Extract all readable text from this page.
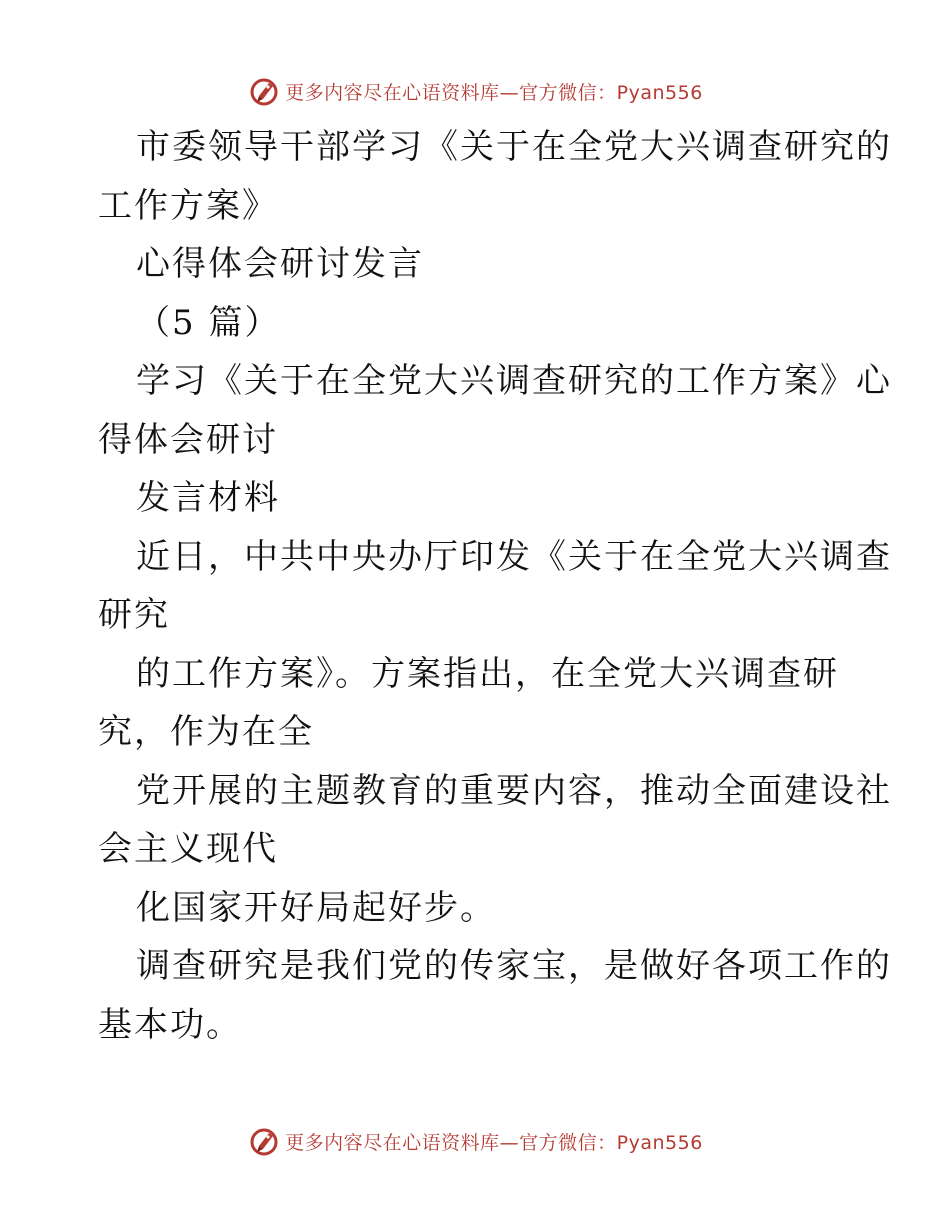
更多内容尽在心语资料库—官方微信：Pyan556

市委领导干部学习《关于在全党大兴调查研究的

工作方案》

心得体会研讨发言

（5 篇）

学习《关于在全党大兴调查研究的工作方案》心

得体会研讨

发言材料

近日，中共中央办厅印发《关于在全党大兴调查

研究

的工作方案》。方案指出，在全党大兴调查研

究，作为在全

党开展的主题教育的重要内容，推动全面建设社

会主义现代

化国家开好局起好步。

调查研究是我们党的传家宝，是做好各项工作的

基本功。

更多内容尽在心语资料库—官方微信：Pyan556
